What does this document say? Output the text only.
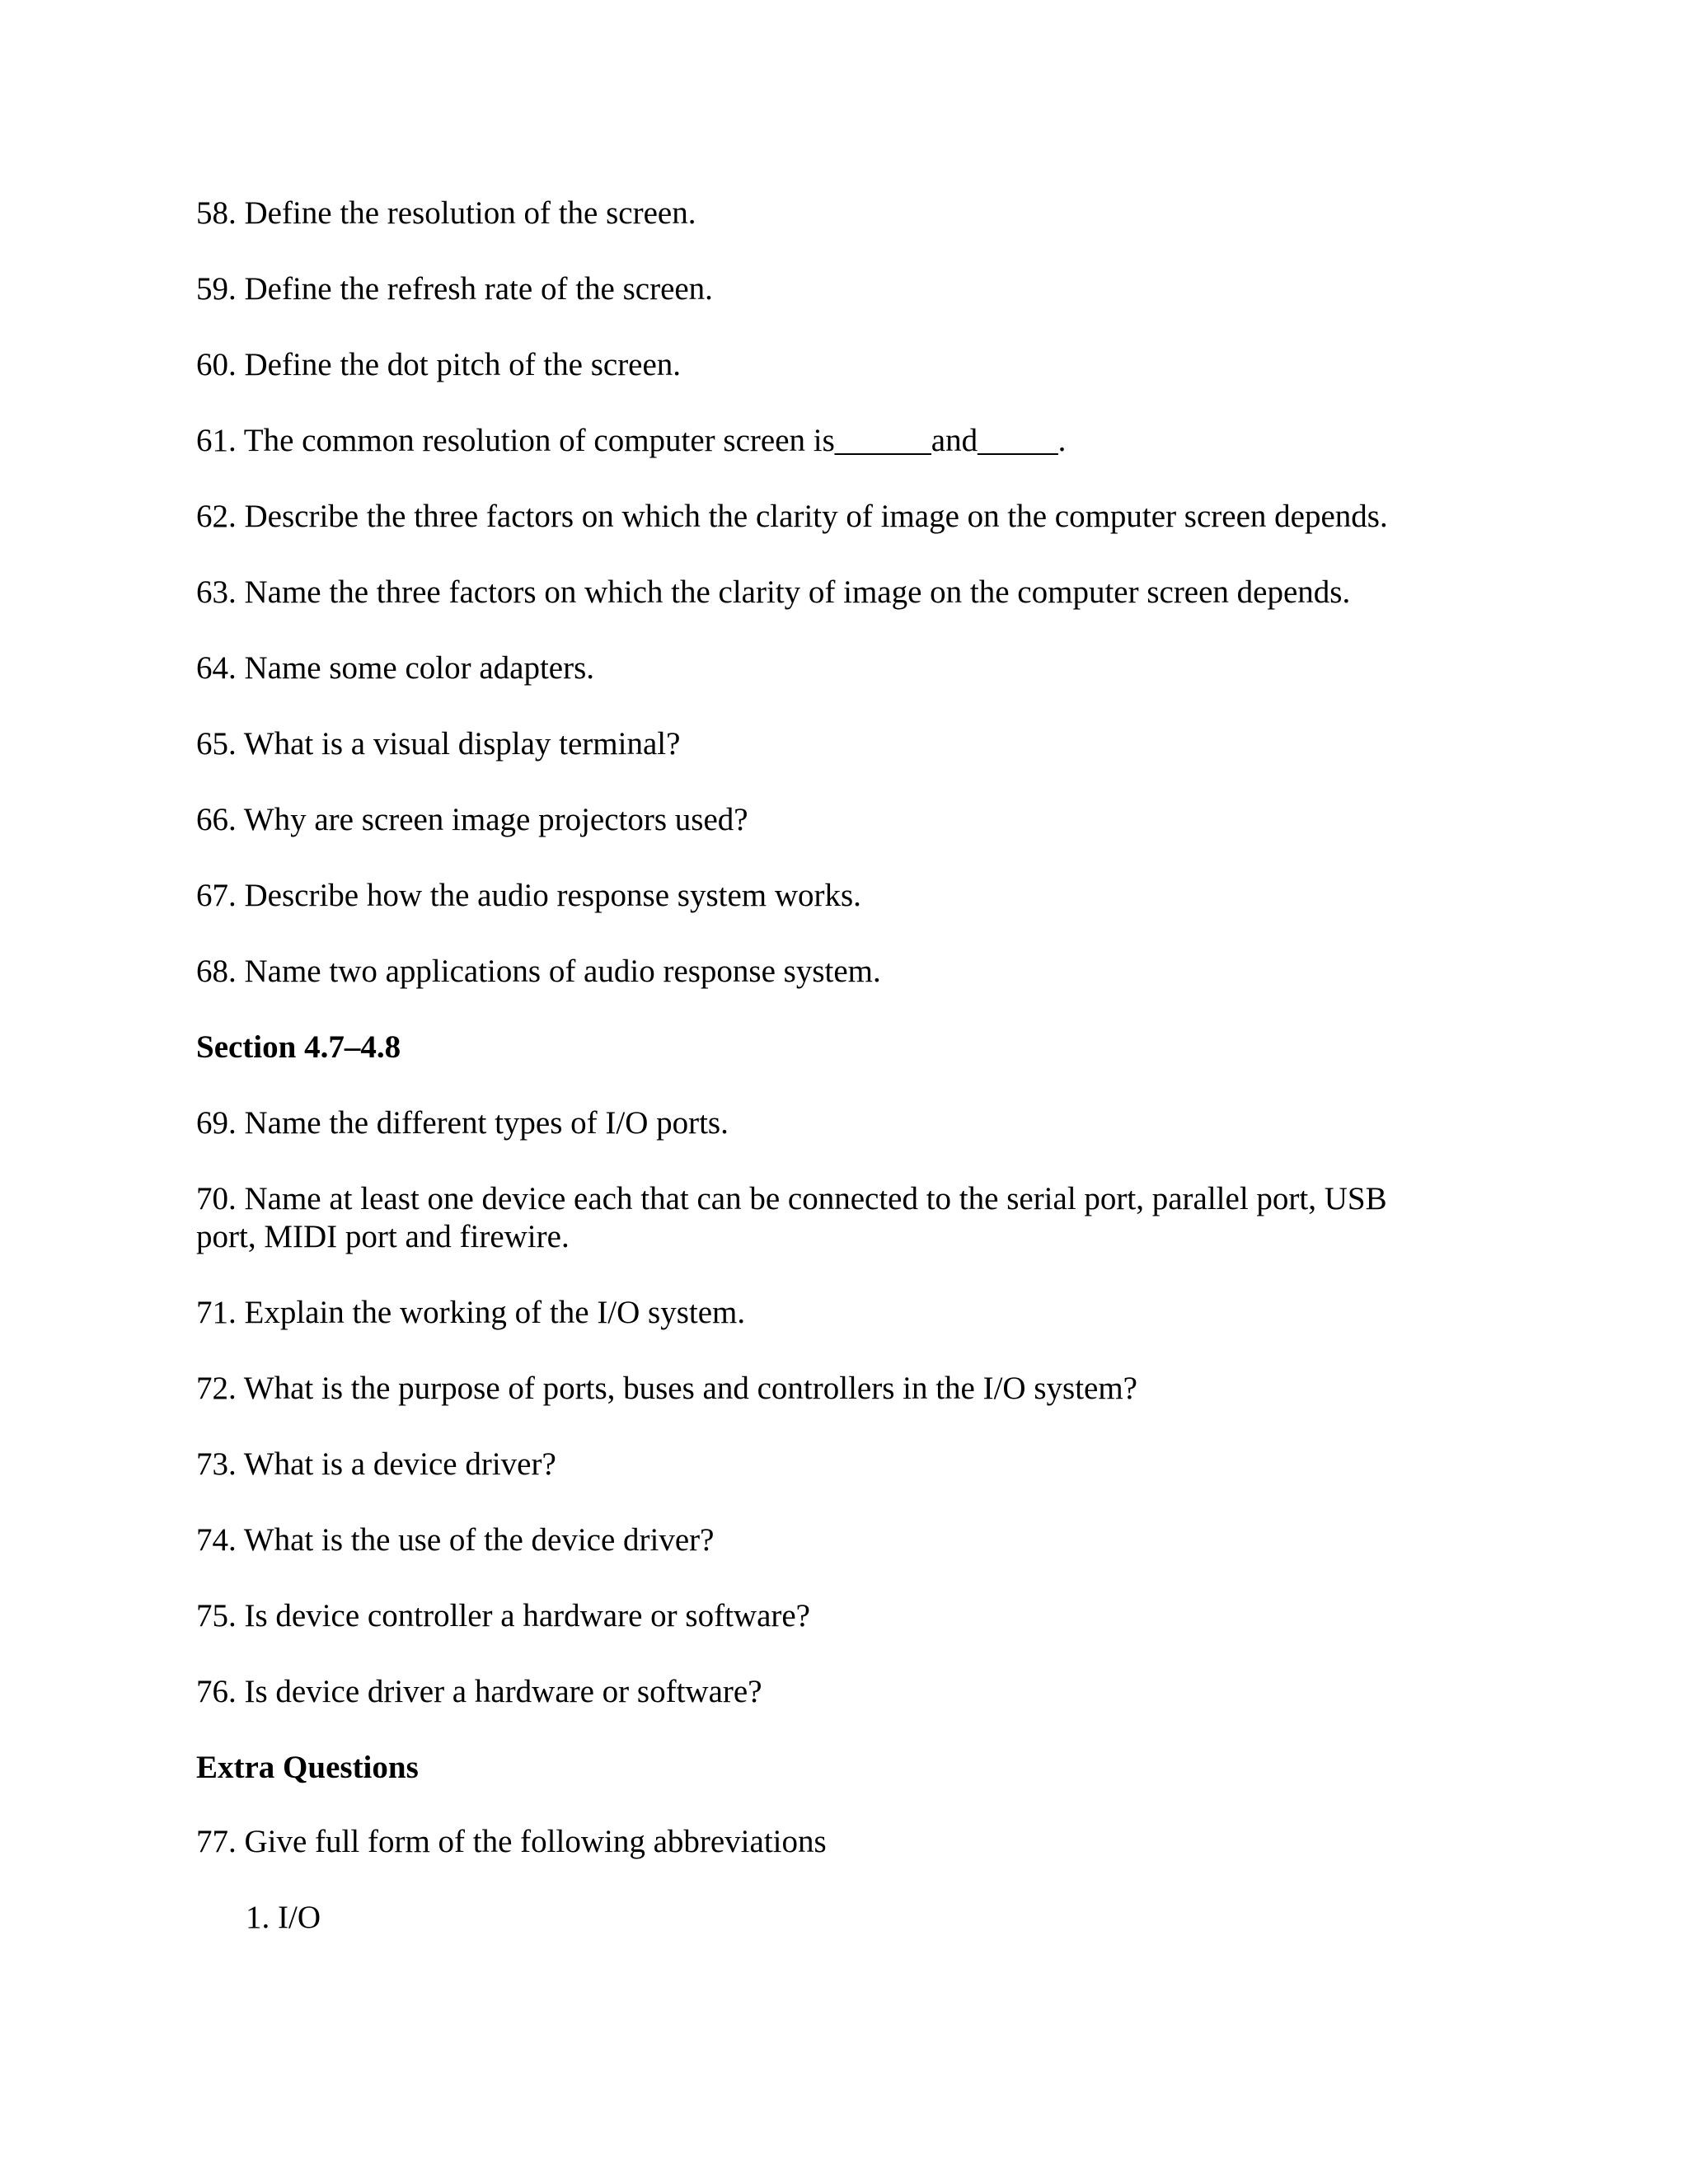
58. Define the resolution of the screen.
59. Define the refresh rate of the screen.
60. Define the dot pitch of the screen.
61. The common resolution of computer screen is______and_____.
62. Describe the three factors on which the clarity of image on the computer screen depends.
63. Name the three factors on which the clarity of image on the computer screen depends.
64. Name some color adapters.
65. What is a visual display terminal?
66. Why are screen image projectors used?
67. Describe how the audio response system works.
68. Name two applications of audio response system.
Section 4.7–4.8
69. Name the different types of I/O ports.
70. Name at least one device each that can be connected to the serial port, parallel port, USB port, MIDI port and firewire.
71. Explain the working of the I/O system.
72. What is the purpose of ports, buses and controllers in the I/O system?
73. What is a device driver?
74. What is the use of the device driver?
75. Is device controller a hardware or software?
76. Is device driver a hardware or software?
Extra Questions
77. Give full form of the following abbreviations
1. I/O
